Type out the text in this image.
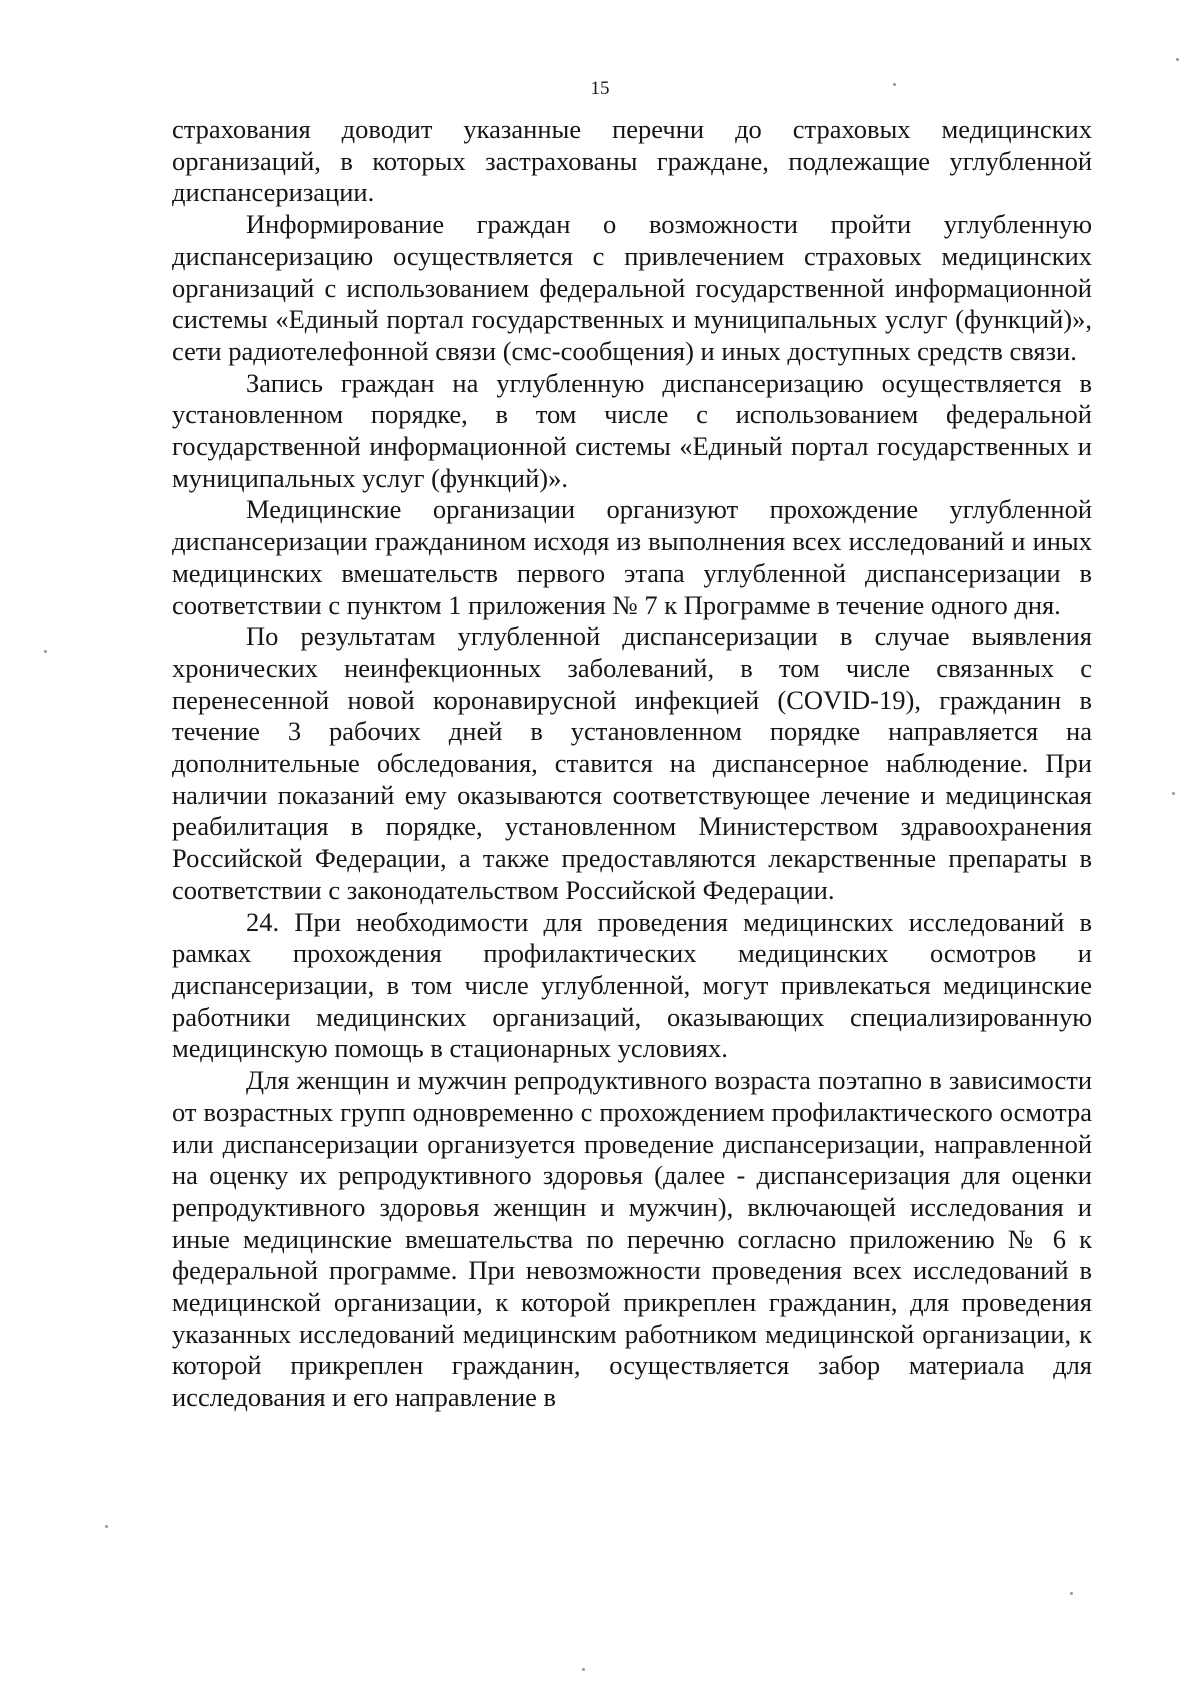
15

страхования доводит указанные перечни до страховых медицинских организаций, в которых застрахованы граждане, подлежащие углубленной диспансеризации.

Информирование граждан о возможности пройти углубленную диспансеризацию осуществляется с привлечением страховых медицинских организаций с использованием федеральной государственной информационной системы «Единый портал государственных и муниципальных услуг (функций)», сети радиотелефонной связи (смс-сообщения) и иных доступных средств связи.

Запись граждан на углубленную диспансеризацию осуществляется в установленном порядке, в том числе с использованием федеральной государственной информационной системы «Единый портал государственных и муниципальных услуг (функций)».

Медицинские организации организуют прохождение углубленной диспансеризации гражданином исходя из выполнения всех исследований и иных медицинских вмешательств первого этапа углубленной диспансеризации в соответствии с пунктом 1 приложения № 7 к Программе в течение одного дня.

По результатам углубленной диспансеризации в случае выявления хронических неинфекционных заболеваний, в том числе связанных с перенесенной новой коронавирусной инфекцией (COVID-19), гражданин в течение 3 рабочих дней в установленном порядке направляется на дополнительные обследования, ставится на диспансерное наблюдение. При наличии показаний ему оказываются соответствующее лечение и медицинская реабилитация в порядке, установленном Министерством здравоохранения Российской Федерации, а также предоставляются лекарственные препараты в соответствии с законодательством Российской Федерации.

24. При необходимости для проведения медицинских исследований в рамках прохождения профилактических медицинских осмотров и диспансеризации, в том числе углубленной, могут привлекаться медицинские работники медицинских организаций, оказывающих специализированную медицинскую помощь в стационарных условиях.

Для женщин и мужчин репродуктивного возраста поэтапно в зависимости от возрастных групп одновременно с прохождением профилактического осмотра или диспансеризации организуется проведение диспансеризации, направленной на оценку их репродуктивного здоровья (далее - диспансеризация для оценки репродуктивного здоровья женщин и мужчин), включающей исследования и иные медицинские вмешательства по перечню согласно приложению № 6 к федеральной программе. При невозможности проведения всех исследований в медицинской организации, к которой прикреплен гражданин, для проведения указанных исследований медицинским работником медицинской организации, к которой прикреплен гражданин, осуществляется забор материала для исследования и его направление в
